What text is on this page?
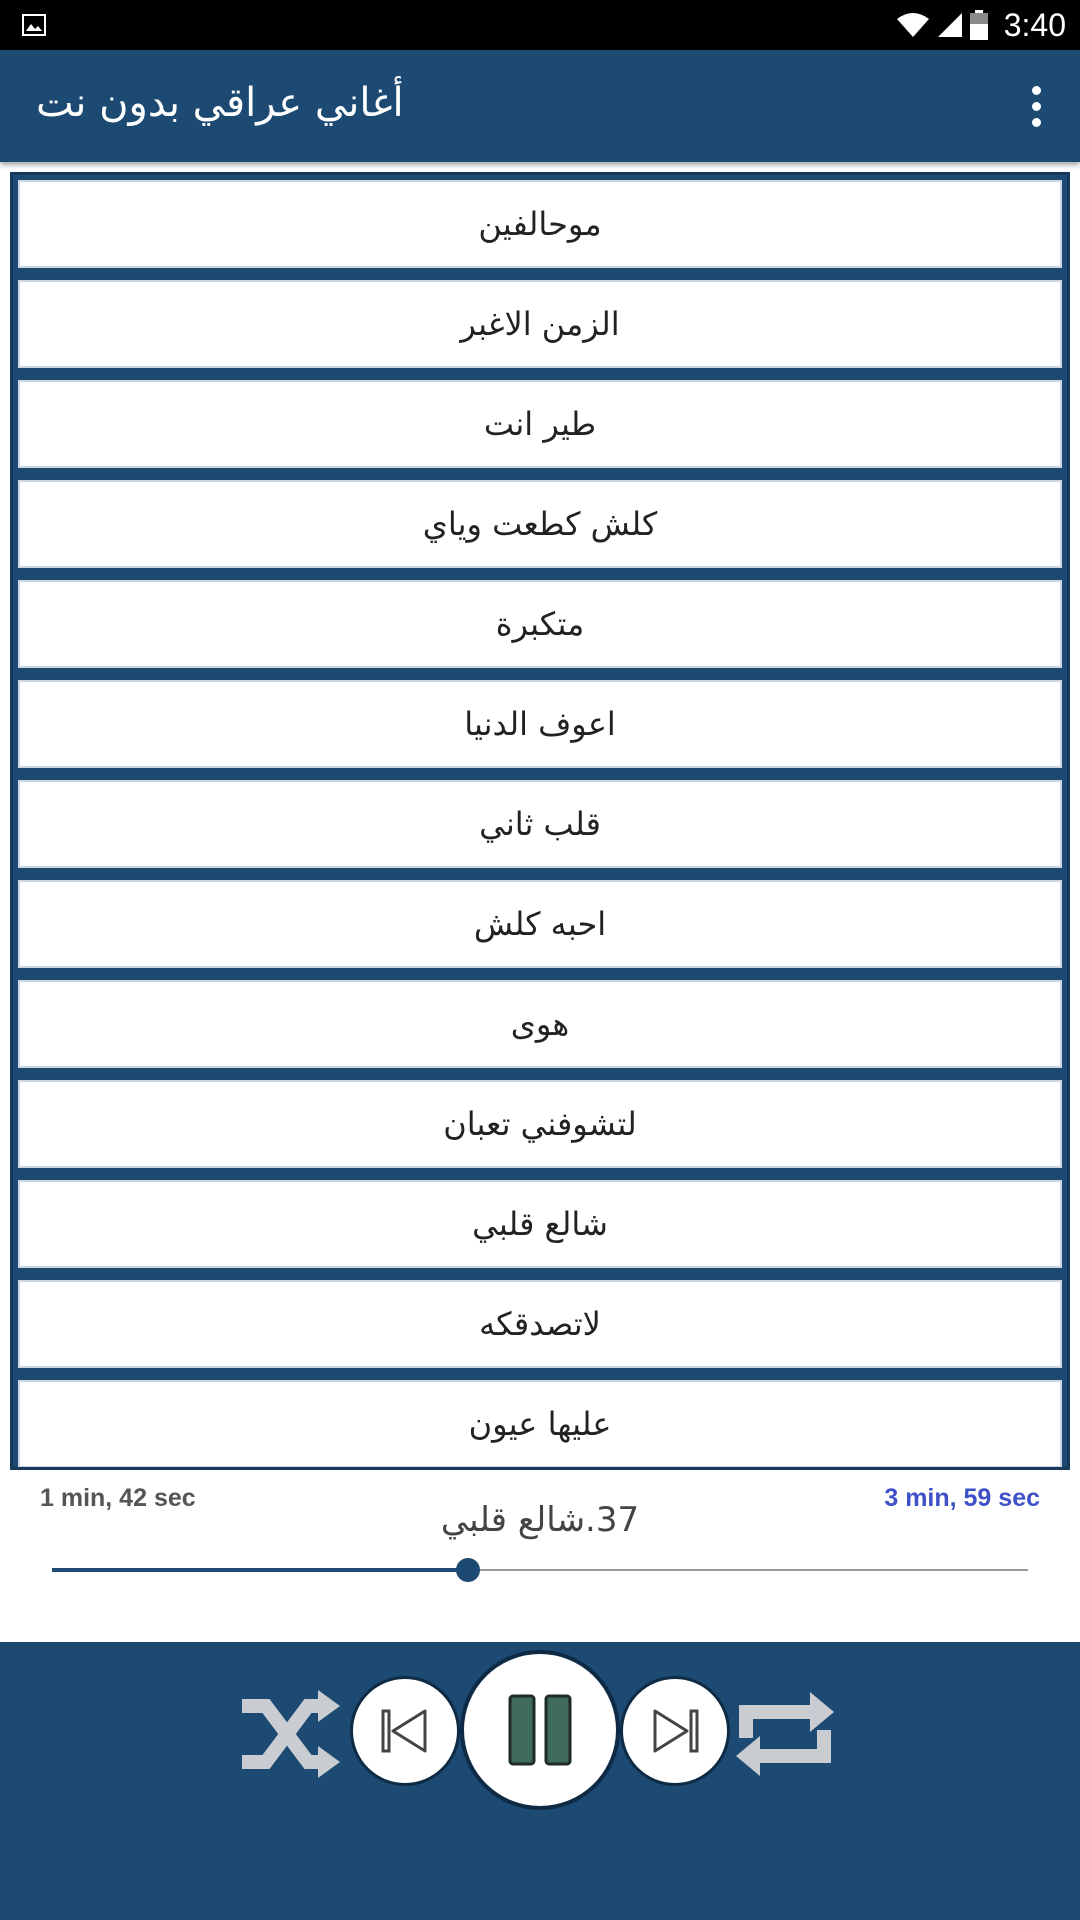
3:40
أغاني عراقي بدون نت
موحالفين
الزمن الاغبر
طير انت
كلش كطعت وياي
متكبرة
اعوف الدنيا
قلب ثاني
احبه كلش
هوى
لتشوفني تعبان
شالع قلبي
لاتصدقكه
عليها عيون
1 min, 42 sec	3 min, 59 sec
37.شالع قلبي
